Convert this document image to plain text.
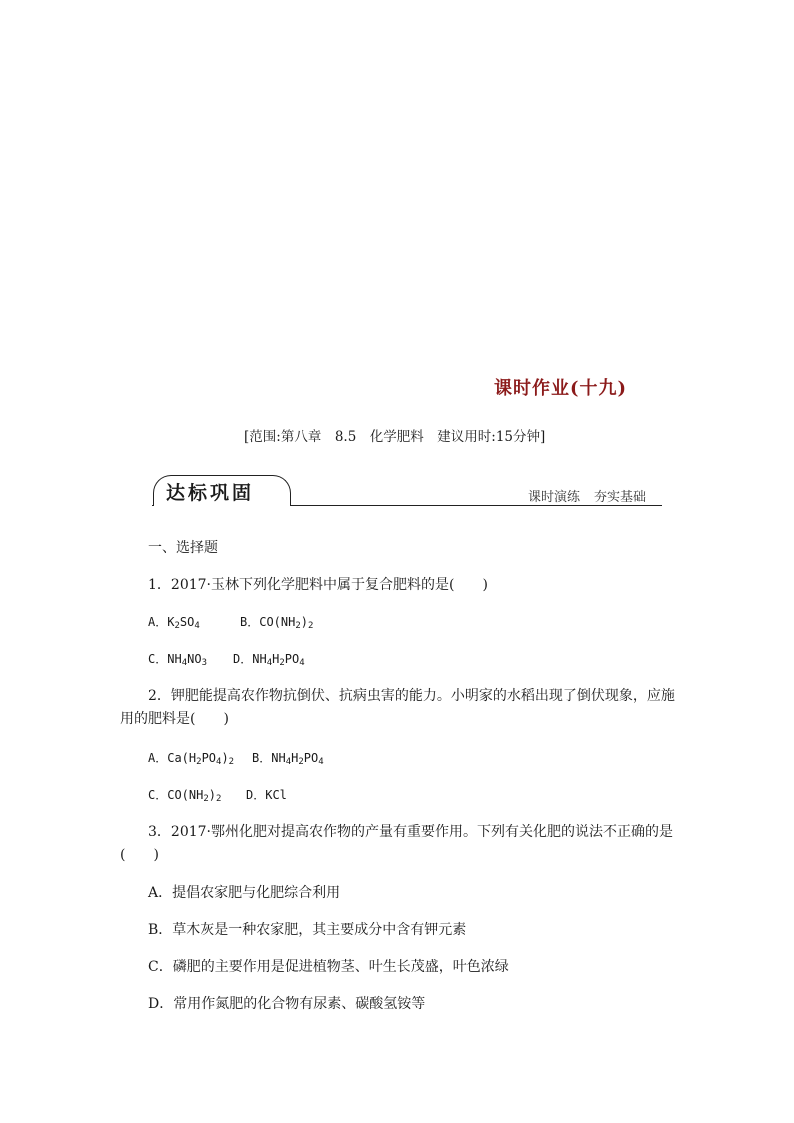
课时作业(十九)
[范围:第八章　8.5　化学肥料　建议用时:15分钟]
达标巩固	课时演练 夯实基础
一、选择题
1．2017·玉林下列化学肥料中属于复合肥料的是(　　)
A．$K_2SO_4$	B．$CO(NH_2)_2$
C．$NH_4NO_3$ D．$NH_4H_2PO_4$
2．钾肥能提高农作物抗倒伏、抗病虫害的能力。小明家的水稻出现了倒伏现象，应施
用的肥料是(　　)
A．$Ca(H_2PO_4)_2$ B．$NH_4H_2PO_4$
C．$CO(NH_2)_2$ D．KCl
3．2017·鄂州化肥对提高农作物的产量有重要作用。下列有关化肥的说法不正确的是
(　　)
A．提倡农家肥与化肥综合利用
B．草木灰是一种农家肥，其主要成分中含有钾元素
C．磷肥的主要作用是促进植物茎、叶生长茂盛，叶色浓绿
D．常用作氮肥的化合物有尿素、碳酸氢铵等
